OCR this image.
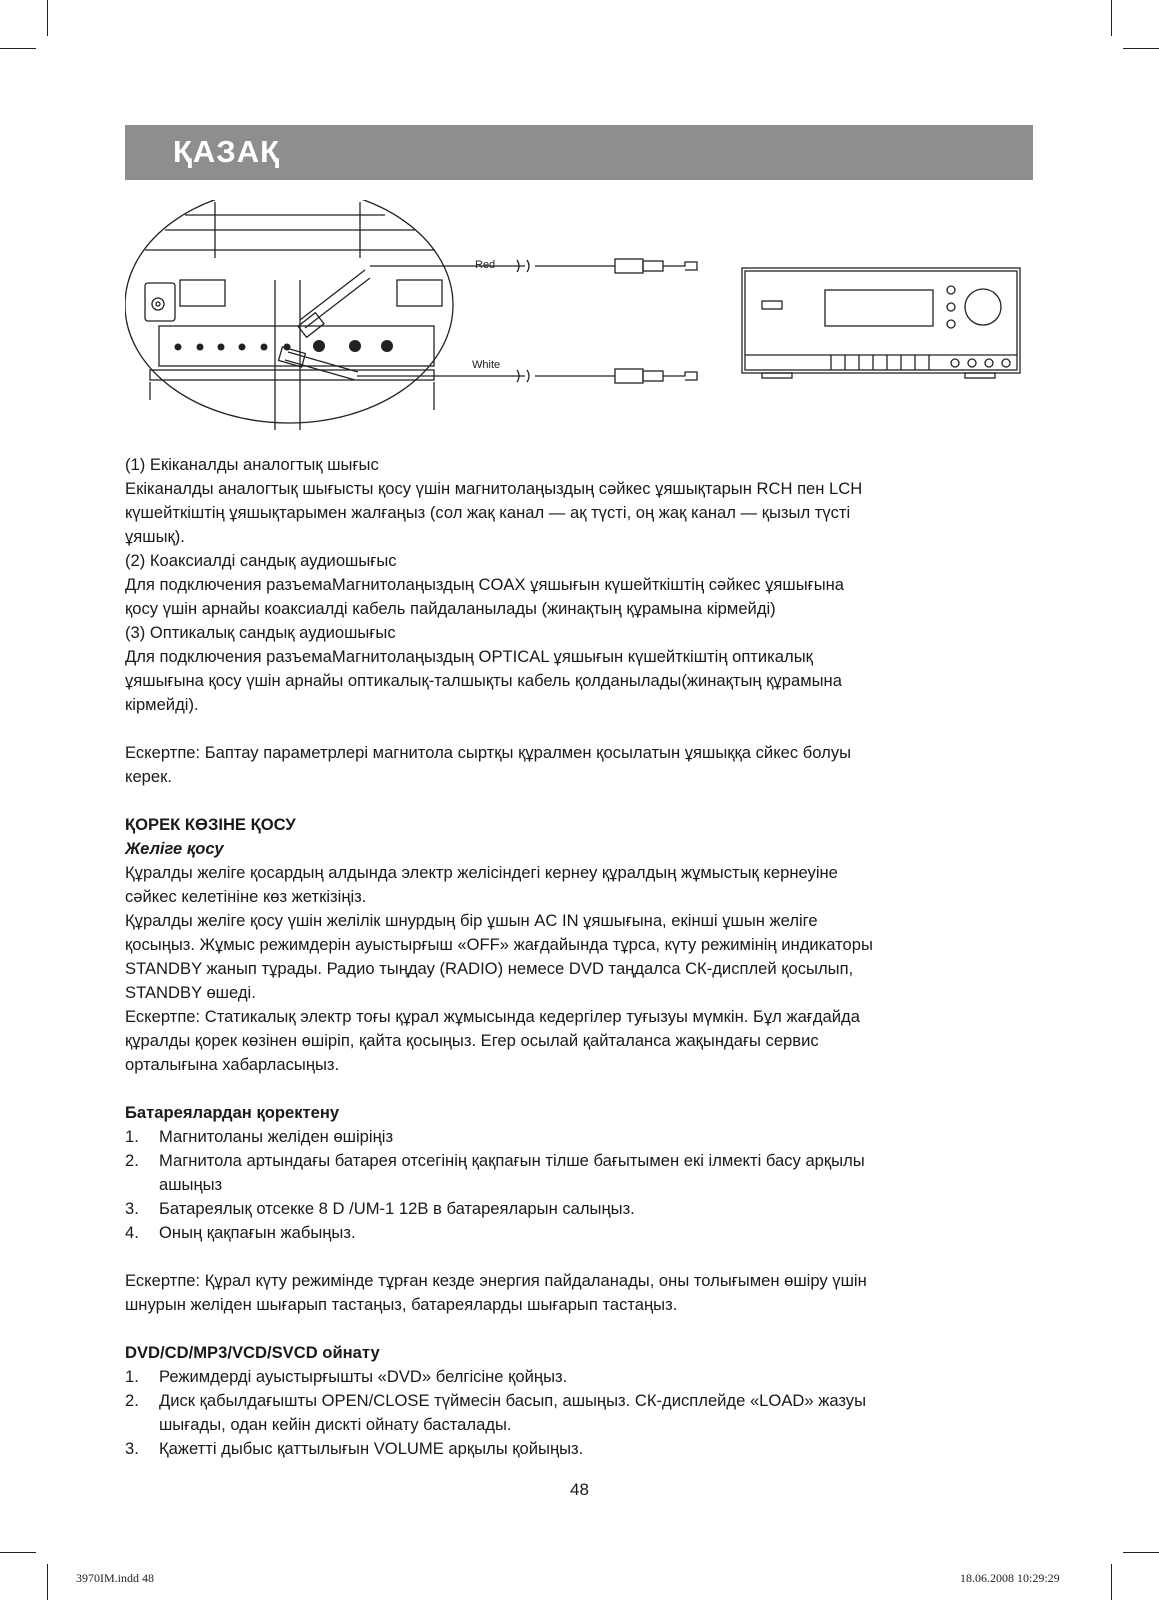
ҚАЗАҚ
Red
White

(1) Екіканалды аналогтық шығыс

Екіканалды аналогтық шығысты қосу үшін магнитолаңыздың сәйкес ұяшықтарын RCH пен LCH

күшейткіштің ұяшықтарымен жалғаңыз (сол жақ канал — ақ түсті, оң жақ канал — қызыл түсті

ұяшық).

(2) Коаксиалді сандық аудиошығыс

Для подключения разъемаМагнитолаңыздың COAX ұяшығын күшейткіштің сәйкес ұяшығына

қосу үшін арнайы коаксиалді кабель пайдаланылады (жинақтың құрамына кірмейді)

(3) Оптикалық сандық аудиошығыс

Для подключения разъемаМагнитолаңыздың OPTICAL ұяшығын күшейткіштің оптикалық

ұяшығына қосу үшін арнайы оптикалық-талшықты кабель қолданылады(жинақтың құрамына

кірмейді).

Ескертпе: Баптау параметрлері магнитола сыртқы құралмен қосылатын ұяшыққа сйкес болуы

керек.

ҚОРЕК КӨЗІНЕ ҚОСУ

Желіге қосу

Құралды желіге қосардың алдында электр желісіндегі кернеу құралдың жұмыстық кернеуіне

сәйкес келетініне көз жеткізіңіз.

Құралды желіге қосу үшін желілік шнурдың бір ұшын AC IN ұяшығына, екінші ұшын желіге

қосыңыз. Жұмыс режимдерін ауыстырғыш «OFF» жағдайында тұрса, күту режимінің индикаторы

STANDBY жанып тұрады. Радио тыңдау (RADIO) немесе DVD таңдалса СК-дисплей қосылып,

STANDBY өшеді.

Ескертпе: Статикалық электр тоғы құрал жұмысында кедергілер туғызуы мүмкін. Бұл жағдайда

құралды қорек көзінен өшіріп, қайта қосыңыз. Егер осылай қайталанса жақындағы сервис

орталығына хабарласыңыз.

Батареялардан қоректену

1. Магнитоланы желіден өшіріңіз
2. Магнитола артындағы батарея отсегінің қақпағын тілше бағытымен екі ілмекті басу арқылы
ашыңыз
3. Батареялық отсекке 8 D /UM-1 12В в батареяларын салыңыз.
4. Оның қақпағын жабыңыз.

Ескертпе: Құрал күту режимінде тұрған кезде энергия пайдаланады, оны толығымен өшіру үшін

шнурын желіден шығарып тастаңыз, батареяларды шығарып тастаңыз.

DVD/CD/MP3/VCD/SVCD ойнату

1. Режимдерді ауыстырғышты «DVD» белгісіне қойңыз.
2. Диск қабылдағышты OPEN/CLOSE түймесін басып, ашыңыз. СК-дисплейде «LOAD» жазуы
шығады, одан кейін дискті ойнату басталады.
3. Қажетті дыбыс қаттылығын VOLUME арқылы қойыңыз.
48
3970IM.indd 48	18.06.2008 10:29:29
